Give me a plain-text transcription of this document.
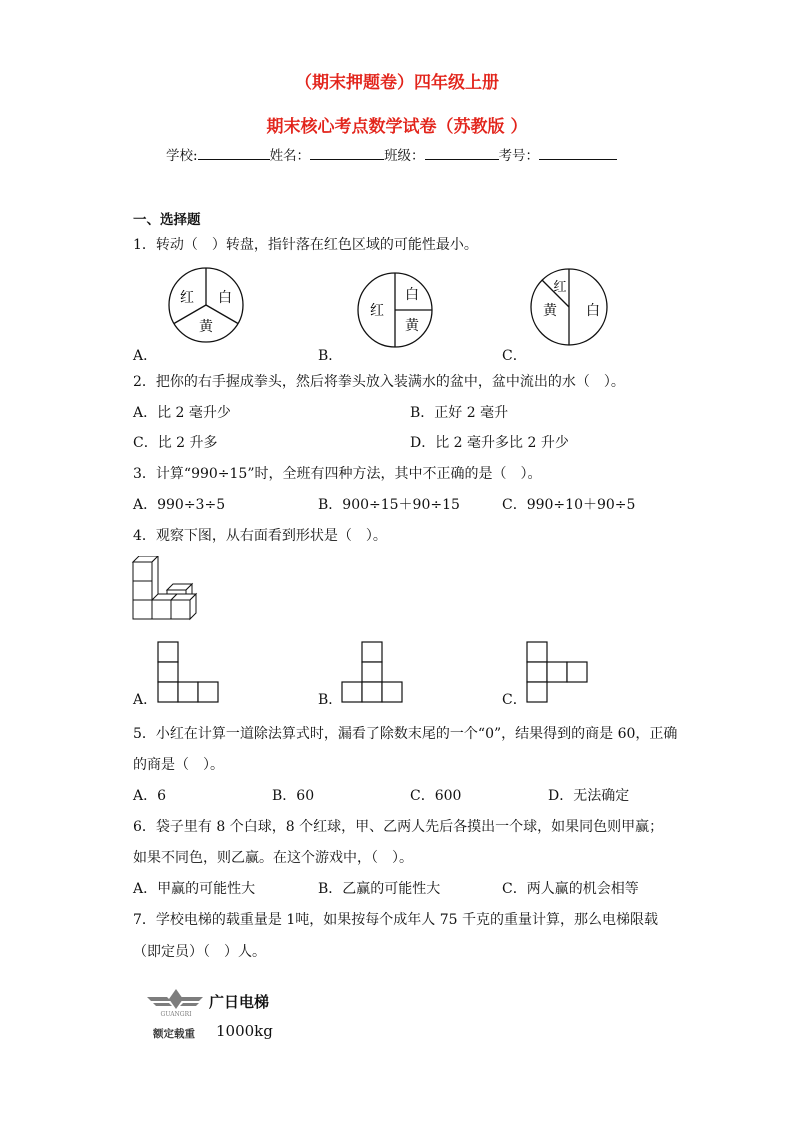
（期末押题卷）四年级上册
期末核心考点数学试卷（苏教版 ）
学校:	姓名：	班级：	考号：
一、选择题
1．转动（　）转盘，指针落在红色区域的可能性最小。
红 白
黄
红
白
黄
红
黄 白
A．	B．	C．
2．把你的右手握成拳头，然后将拳头放入装满水的盆中，盆中流出的水（　）。
A．比 2 毫升少	B．正好 2 毫升
C．比 2 升多	D．比 2 毫升多比 2 升少
3．计算“990÷15”时，全班有四种方法，其中不正确的是（　）。
A．990÷3÷5	B．900÷15＋90÷15	C．990÷10＋90÷5
4．观察下图，从右面看到形状是（　）。
A．	B．	C．
5．小红在计算一道除法算式时，漏看了除数末尾的一个“0”，结果得到的商是 60，正确
的商是（　）。
A．6	B．60	C．600	D．无法确定
6．袋子里有 8 个白球，8 个红球，甲、乙两人先后各摸出一个球，如果同色则甲赢；
如果不同色，则乙赢。在这个游戏中，（　）。
A．甲赢的可能性大	B．乙赢的可能性大	C．两人赢的机会相等
7．学校电梯的载重量是 1吨，如果按每个成年人 75 千克的重量计算，那么电梯限载
（即定员）（　）人。
GUANGRI
广日电梯
额定载重 1000kg
